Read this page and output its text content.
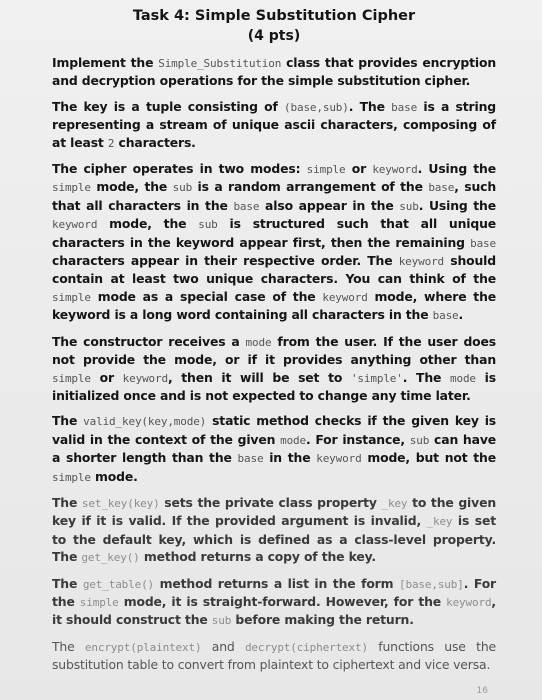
Task 4: Simple Substitution Cipher
(4 pts)

Implement the Simple_Substitution class that provides encryption and decryption operations for the simple substitution cipher.

The key is a tuple consisting of (base,sub). The base is a string representing a stream of unique ascii characters, composing of at least 2 characters.

The cipher operates in two modes: simple or keyword. Using the simple mode, the sub is a random arrangement of the base, such that all characters in the base also appear in the sub. Using the keyword mode, the sub is structured such that all unique characters in the keyword appear first, then the remaining base characters appear in their respective order. The keyword should contain at least two unique characters. You can think of the simple mode as a special case of the keyword mode, where the keyword is a long word containing all characters in the base.

The constructor receives a mode from the user. If the user does not provide the mode, or if it provides anything other than simple or keyword, then it will be set to 'simple'. The mode is initialized once and is not expected to change any time later.

The valid_key(key,mode) static method checks if the given key is valid in the context of the given mode. For instance, sub can have a shorter length than the base in the keyword mode, but not the simple mode.

The set_key(key) sets the private class property _key to the given key if it is valid. If the provided argument is invalid, _key is set to the default key, which is defined as a class-level property. The get_key() method returns a copy of the key.

The get_table() method returns a list in the form [base,sub]. For the simple mode, it is straight-forward. However, for the keyword, it should construct the sub before making the return.

The encrypt(plaintext) and decrypt(ciphertext) functions use the substitution table to convert from plaintext to ciphertext and vice versa.

16
